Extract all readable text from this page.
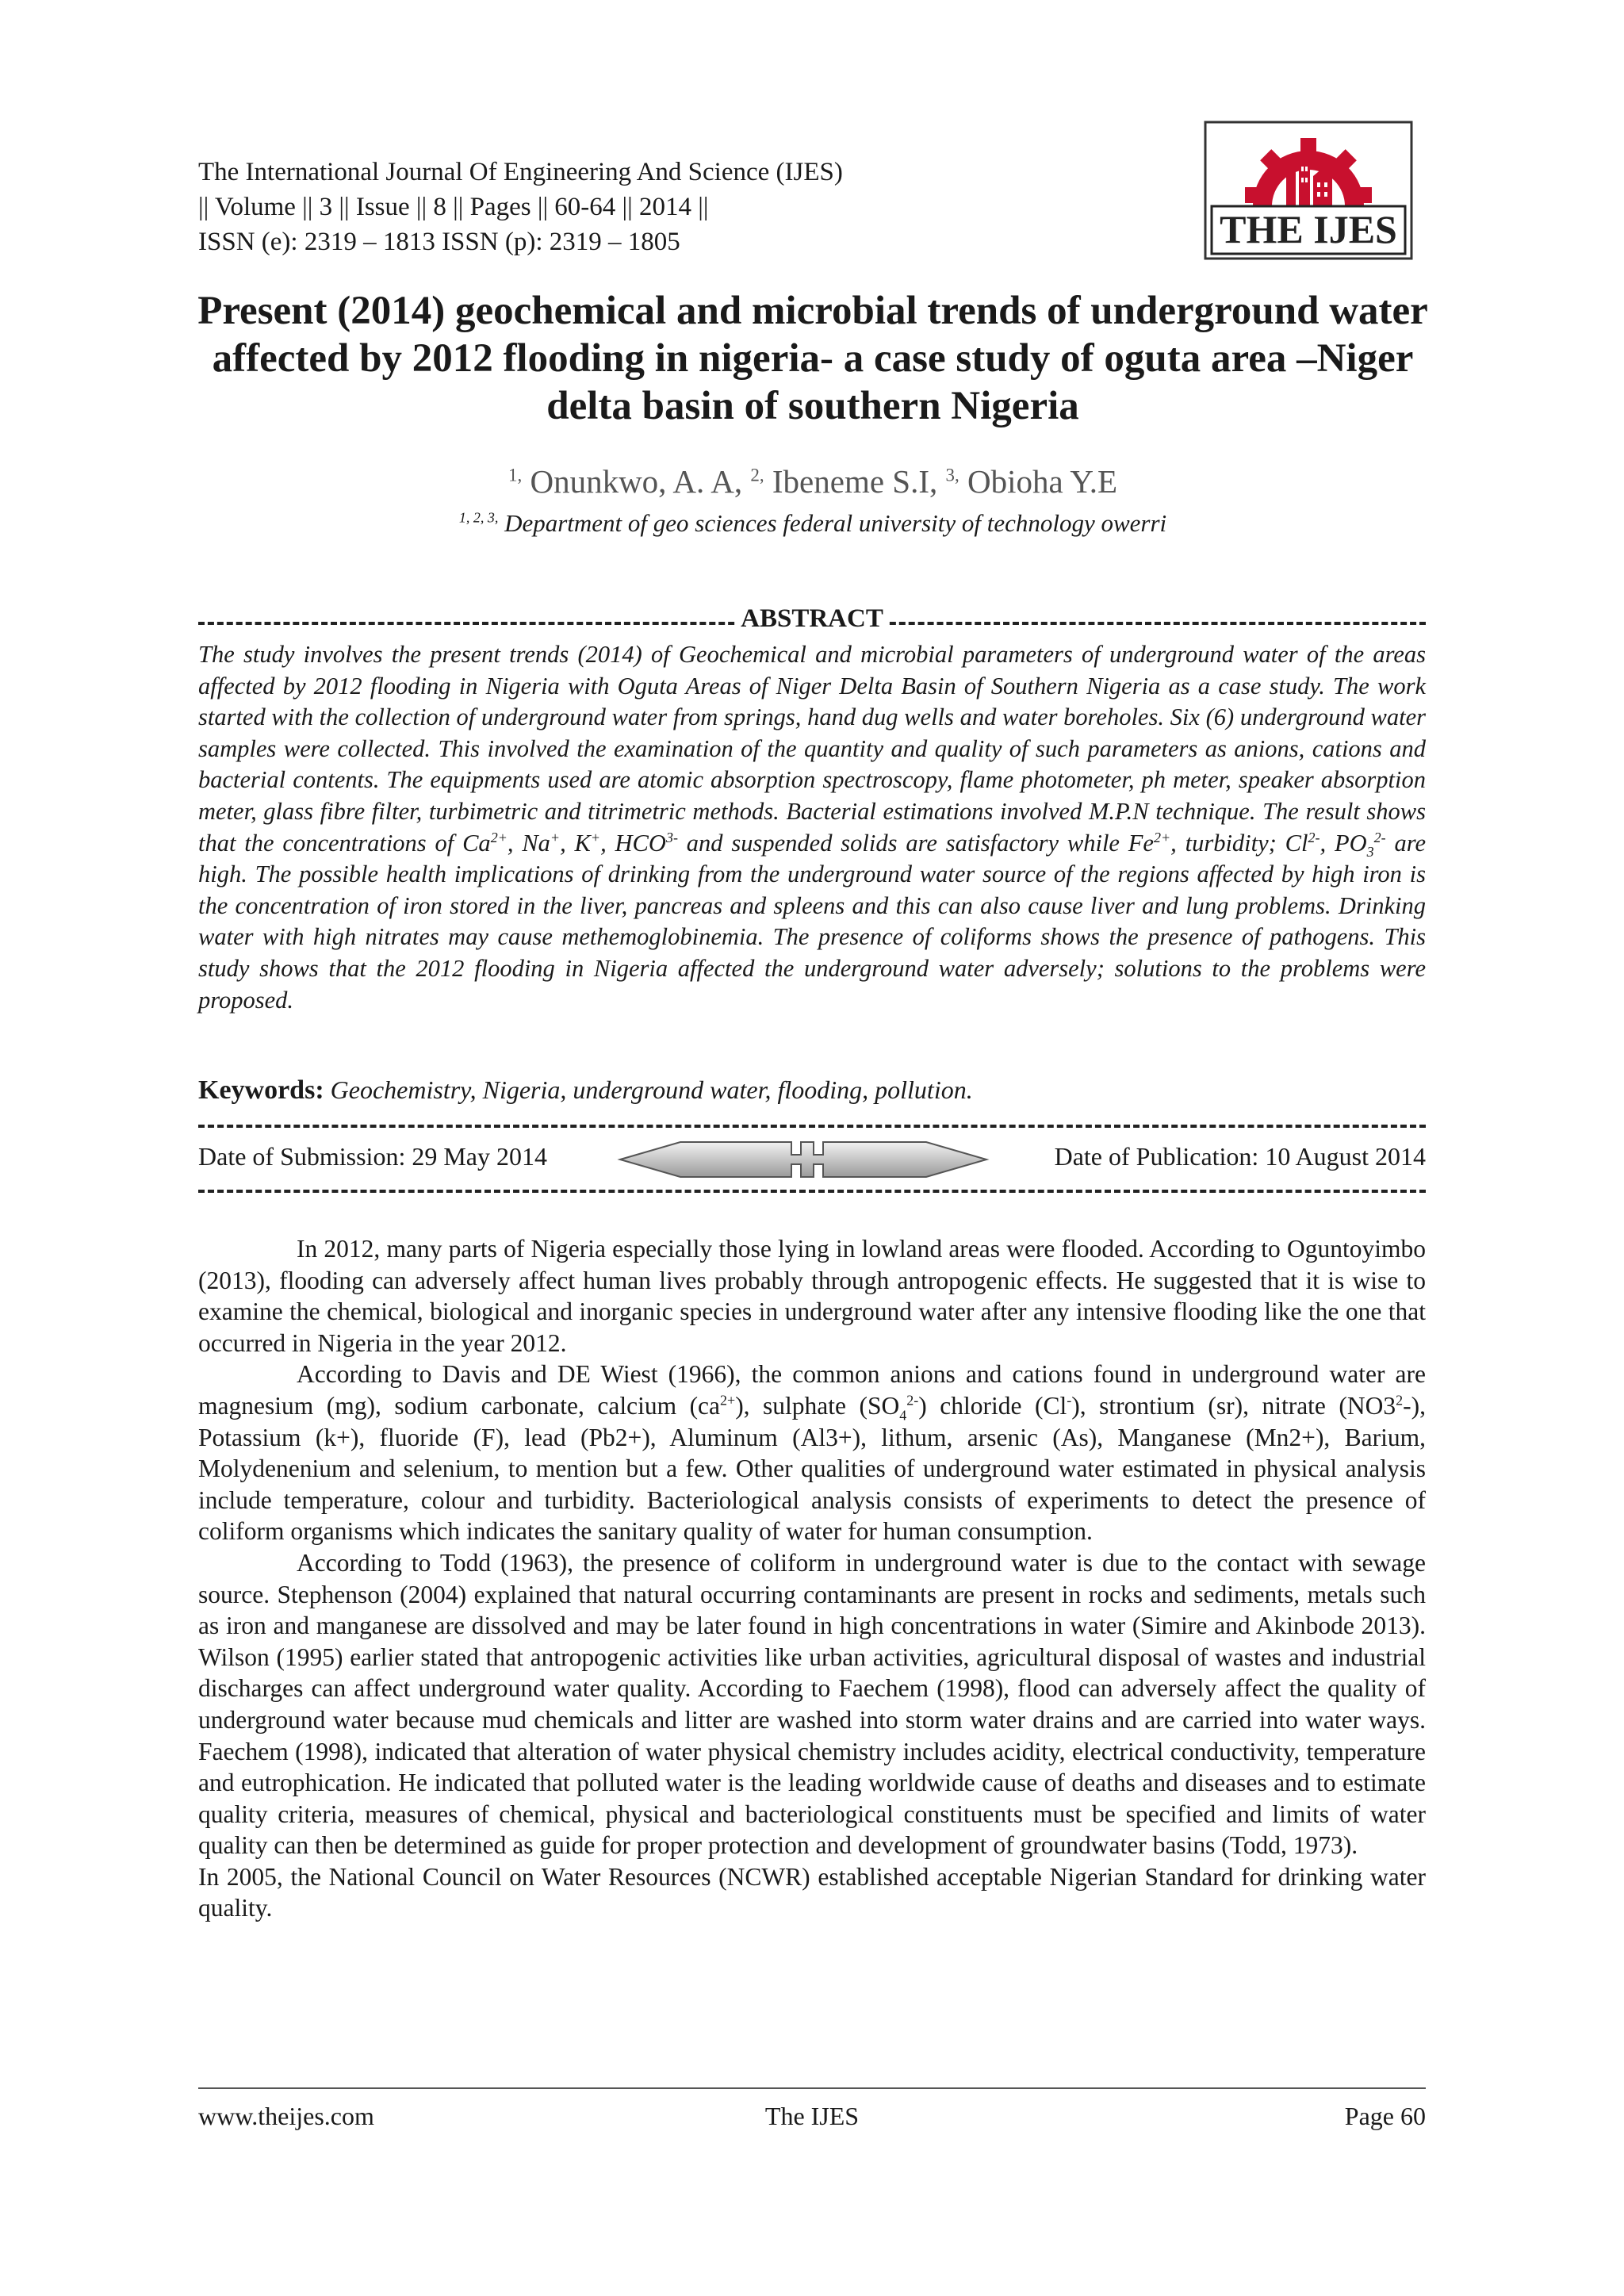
The International Journal Of Engineering And Science (IJES)
|| Volume || 3 || Issue || 8 || Pages || 60-64 || 2014 ||
ISSN (e): 2319 – 1813 ISSN (p): 2319 – 1805	THE IJES
Present (2014) geochemical and microbial trends of underground water affected by 2012 flooding in nigeria- a case study of oguta area –Niger delta basin of southern Nigeria
$^{1,}$ Onunkwo, A. A, $^{2,}$ Ibeneme S.I, $^{3,}$ Obioha Y.E
$^{1, 2, 3,}$ Department of geo sciences federal university of technology owerri
ABSTRACT
The study involves the present trends (2014) of Geochemical and microbial parameters of underground water of the areas affected by 2012 flooding in Nigeria with Oguta Areas of Niger Delta Basin of Southern Nigeria as a case study. The work started with the collection of underground water from springs, hand dug wells and water boreholes. Six (6) underground water samples were collected. This involved the examination of the quantity and quality of such parameters as anions, cations and bacterial contents. The equipments used are atomic absorption spectroscopy, flame photometer, ph meter, speaker absorption meter, glass fibre filter, turbimetric and titrimetric methods. Bacterial estimations involved M.P.N technique. The result shows that the concentrations of $Ca^{2+}$, Na+, K+, $HCO^{3-}$ and suspended solids are satisfactory while $Fe^{2+}$, turbidity; $Cl^{2-}$, $PO_3^{2-}$ are high. The possible health implications of drinking from the underground water source of the regions affected by high iron is the concentration of iron stored in the liver, pancreas and spleens and this can also cause liver and lung problems. Drinking water with high nitrates may cause methemoglobinemia. The presence of coliforms shows the presence of pathogens. This study shows that the 2012 flooding in Nigeria affected the underground water adversely; solutions to the problems were proposed.
Keywords: Geochemistry, Nigeria, underground water, flooding, pollution.
Date of Submission: 29 May 2014	Date of Publication: 10 August 2014

In 2012, many parts of Nigeria especially those lying in lowland areas were flooded. According to Oguntoyimbo (2013), flooding can adversely affect human lives probably through antropogenic effects. He suggested that it is wise to examine the chemical, biological and inorganic species in underground water after any intensive flooding like the one that occurred in Nigeria in the year 2012.

According to Davis and DE Wiest (1966), the common anions and cations found in underground water are magnesium (mg), sodium carbonate, calcium $(ca^{2+})$, sulphate $(SO_4^{2-})$ chloride (Cl-), strontium (sr), nitrate $(NO3^2-)$, Potassium (k+), fluoride (F), lead (Pb2+), Aluminum (Al3+), lithum, arsenic (As), Manganese (Mn2+), Barium, Molydenenium and selenium, to mention but a few. Other qualities of underground water estimated in physical analysis include temperature, colour and turbidity. Bacteriological analysis consists of experiments to detect the presence of coliform organisms which indicates the sanitary quality of water for human consumption.

According to Todd (1963), the presence of coliform in underground water is due to the contact with sewage source. Stephenson (2004) explained that natural occurring contaminants are present in rocks and sediments, metals such as iron and manganese are dissolved and may be later found in high concentrations in water (Simire and Akinbode 2013). Wilson (1995) earlier stated that antropogenic activities like urban activities, agricultural disposal of wastes and industrial discharges can affect underground water quality. According to Faechem (1998), flood can adversely affect the quality of underground water because mud chemicals and litter are washed into storm water drains and are carried into water ways. Faechem (1998), indicated that alteration of water physical chemistry includes acidity, electrical conductivity, temperature and eutrophication. He indicated that polluted water is the leading worldwide cause of deaths and diseases and to estimate quality criteria, measures of chemical, physical and bacteriological constituents must be specified and limits of water quality can then be determined as guide for proper protection and development of groundwater basins (Todd, 1973).

In 2005, the National Council on Water Resources (NCWR) established acceptable Nigerian Standard for drinking water quality.

www.theijes.com	The IJES	Page 60
